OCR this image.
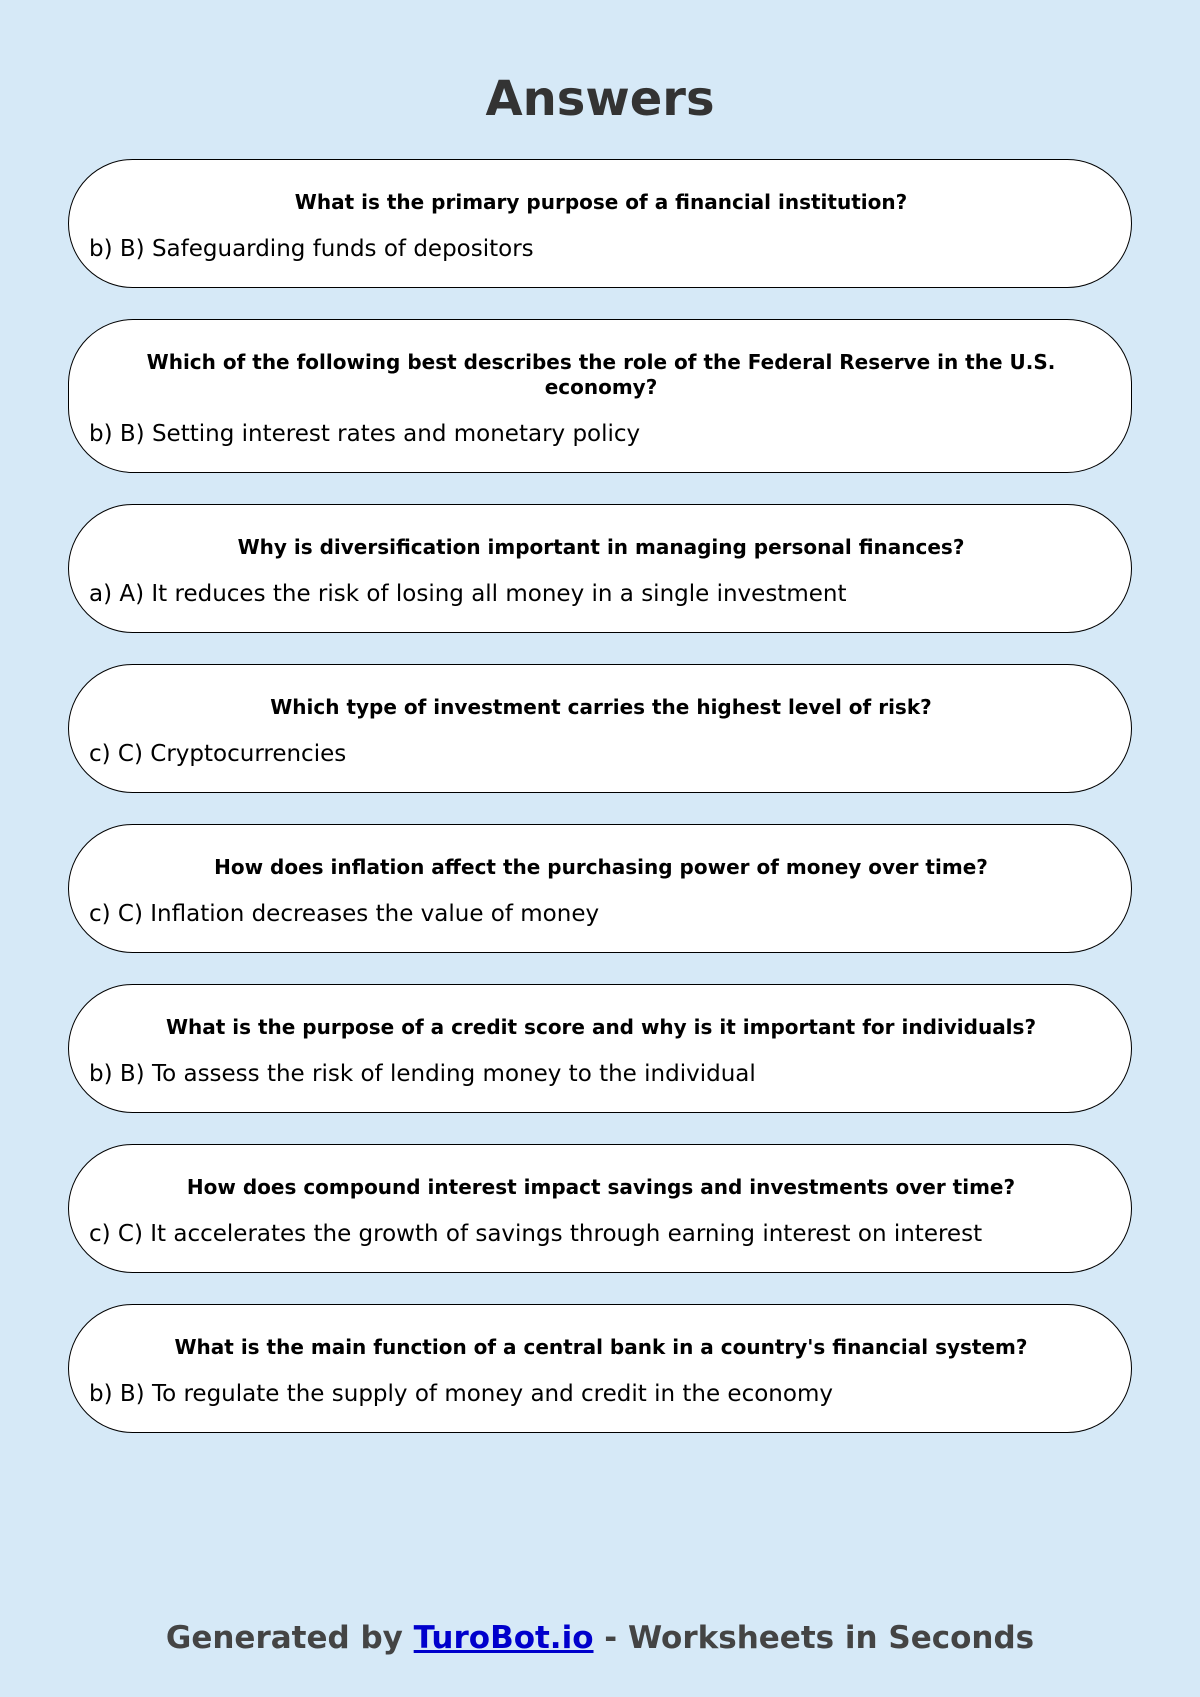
Answers
What is the primary purpose of a financial institution?
b) B) Safeguarding funds of depositors
Which of the following best describes the role of the Federal Reserve in the U.S. economy?
b) B) Setting interest rates and monetary policy
Why is diversification important in managing personal finances?
a) A) It reduces the risk of losing all money in a single investment
Which type of investment carries the highest level of risk?
c) C) Cryptocurrencies
How does inflation affect the purchasing power of money over time?
c) C) Inflation decreases the value of money
What is the purpose of a credit score and why is it important for individuals?
b) B) To assess the risk of lending money to the individual
How does compound interest impact savings and investments over time?
c) C) It accelerates the growth of savings through earning interest on interest
What is the main function of a central bank in a country's financial system?
b) B) To regulate the supply of money and credit in the economy
Generated by TuroBot.io - Worksheets in Seconds
